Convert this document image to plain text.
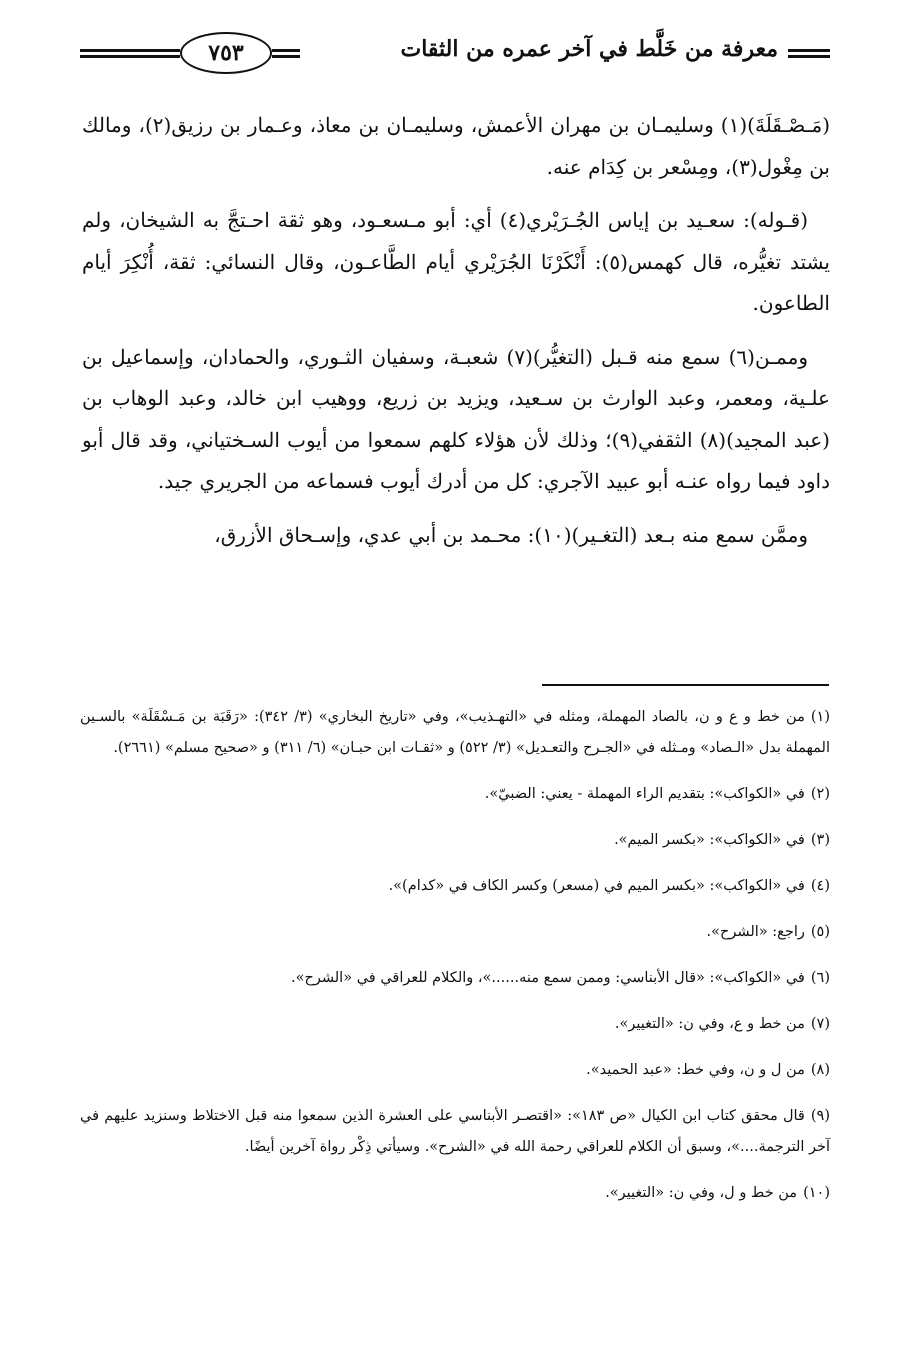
٧٥٣	معرفة من خَلَّط في آخر عمره من الثقات

(مَـصْـقَلَةَ)(١) وسليمـان بن مهران الأعمش، وسليمـان بن معاذ، وعـمار بن رزيق(٢)، ومالك بن مِغْول(٣)، ومِسْعر بن كِدَام عنه.

(قـوله): سعـيد بن إياس الجُـرَيْري(٤) أي: أبو مـسعـود، وهو ثقة احـتجَّ به الشيخان، ولم يشتد تغيُّره، قال كهمس(٥): أَنْكَرْنَا الجُرَيْري أيام الطَّاعـون، وقال النسائي: ثقة، أُنْكِرَ أيام الطاعون.

وممـن(٦) سمع منه قـبل (التغيُّر)(٧) شعبـة، وسفيان الثـوري، والحمادان، وإسماعيل بن علـية، ومعمر، وعبد الوارث بن سـعيد، ويزيد بن زريع، ووهيب ابن خالد، وعبد الوهاب بن (عبد المجيد)(٨) الثقفي(٩)؛ وذلك لأن هؤلاء كلهم سمعوا من أيوب السـختياني، وقد قال أبو داود فيما رواه عنـه أبو عبيد الآجري: كل من أدرك أيوب فسماعه من الجريري جيد.

وممَّن سمع منه بـعد (التغـير)(١٠): محـمد بن أبي عدي، وإسـحاق الأزرق،

(١)من خط و ع و ن، بالصاد المهملة، ومثله في «التهـذيب»، وفي «تاريخ البخاري» (٣/ ٣٤٢): «رَقَبَة بن مَـسْقَلَة» بالسـين المهملة بدل «الـصاد» ومـثله في «الجـرح والتعـديل» (٣/ ٥٢٢) و «ثقـات ابن حبـان» (٦/ ٣١١) و «صحيح مسلم» (٢٦٦١).

(٢)في «الكواكب»: بتقديم الراء المهملة - يعني: الضبيّ».

(٣)في «الكواكب»: «بكسر الميم».

(٤)في «الكواكب»: «بكسر الميم في (مسعر) وكسر الكاف في «كدام)».

(٥)راجع: «الشرح».

(٦)في «الكواكب»: «قال الأبناسي: وممن سمع منه......»، والكلام للعراقي في «الشرح».

(٧)من خط و ع، وفي ن: «التغيير».

(٨)من ل و ن، وفي خط: «عبد الحميد».

(٩)قال محقق كتاب ابن الكيال «ص ١٨٣»: «اقتصـر الأبناسي على العشرة الذين سمعوا منه قبل الاختلاط وسنزيد عليهم في آخر الترجمة....»، وسبق أن الكلام للعراقي رحمة الله في «الشرح». وسيأتي ذِكْر رواة آخرين أيضًا.

(١٠)من خط و ل، وفي ن: «التغيير».
